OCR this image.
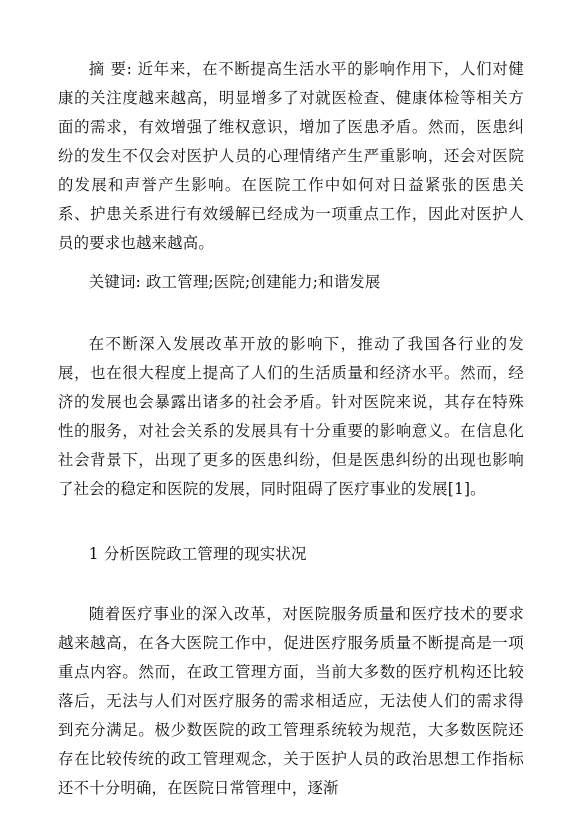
摘 要: 近年来，在不断提高生活水平的影响作用下，人们对健康的关注度越来越高，明显增多了对就医检查、健康体检等相关方面的需求，有效增强了维权意识，增加了医患矛盾。然而，医患纠纷的发生不仅会对医护人员的心理情绪产生严重影响，还会对医院的发展和声誉产生影响。在医院工作中如何对日益紧张的医患关系、护患关系进行有效缓解已经成为一项重点工作，因此对医护人员的要求也越来越高。

关键词: 政工管理;医院;创建能力;和谐发展

在不断深入发展改革开放的影响下，推动了我国各行业的发展，也在很大程度上提高了人们的生活质量和经济水平。然而，经济的发展也会暴露出诸多的社会矛盾。针对医院来说，其存在特殊性的服务，对社会关系的发展具有十分重要的影响意义。在信息化社会背景下，出现了更多的医患纠纷，但是医患纠纷的出现也影响了社会的稳定和医院的发展，同时阻碍了医疗事业的发展[1]。

1 分析医院政工管理的现实状况

随着医疗事业的深入改革，对医院服务质量和医疗技术的要求越来越高，在各大医院工作中，促进医疗服务质量不断提高是一项重点内容。然而，在政工管理方面，当前大多数的医疗机构还比较落后，无法与人们对医疗服务的需求相适应，无法使人们的需求得到充分满足。极少数医院的政工管理系统较为规范，大多数医院还存在比较传统的政工管理观念，关于医护人员的政治思想工作指标还不十分明确，在医院日常管理中，逐渐
